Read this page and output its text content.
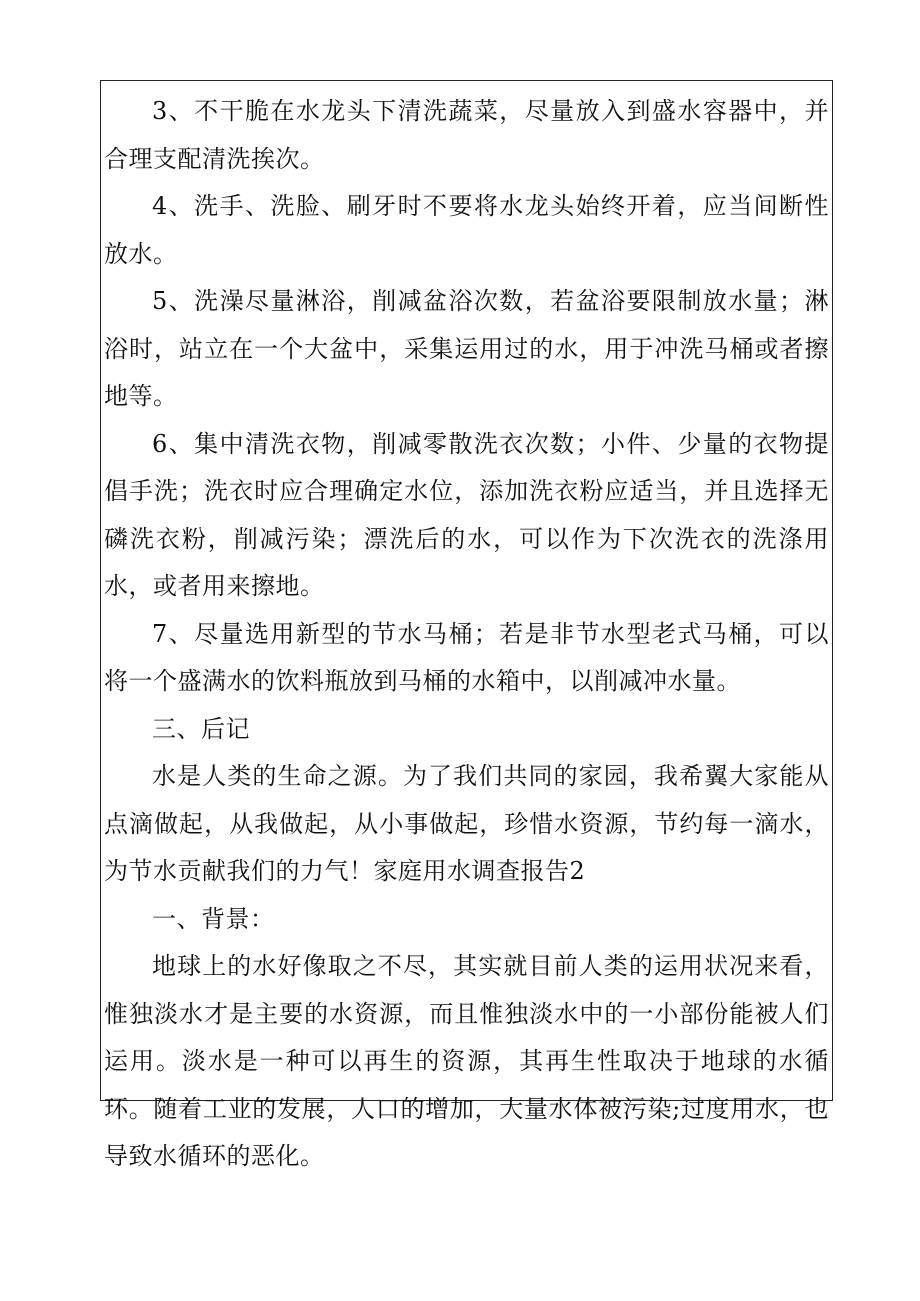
3、不干脆在水龙头下清洗蔬菜，尽量放入到盛水容器中，并合理支配清洗挨次。

4、洗手、洗脸、刷牙时不要将水龙头始终开着，应当间断性放水。

5、洗澡尽量淋浴，削减盆浴次数，若盆浴要限制放水量；淋浴时，站立在一个大盆中，采集运用过的水，用于冲洗马桶或者擦地等。

6、集中清洗衣物，削减零散洗衣次数；小件、少量的衣物提倡手洗；洗衣时应合理确定水位，添加洗衣粉应适当，并且选择无磷洗衣粉，削减污染；漂洗后的水，可以作为下次洗衣的洗涤用水，或者用来擦地。

7、尽量选用新型的节水马桶；若是非节水型老式马桶，可以将一个盛满水的饮料瓶放到马桶的水箱中，以削减冲水量。

三、后记

水是人类的生命之源。为了我们共同的家园，我希翼大家能从点滴做起，从我做起，从小事做起，珍惜水资源，节约每一滴水，为节水贡献我们的力气！家庭用水调查报告2

一、背景：

地球上的水好像取之不尽，其实就目前人类的运用状况来看，惟独淡水才是主要的水资源，而且惟独淡水中的一小部份能被人们运用。淡水是一种可以再生的资源，其再生性取决于地球的水循环。随着工业的发展，人口的增加，大量水体被污染;过度用水，也导致水循环的恶化。
